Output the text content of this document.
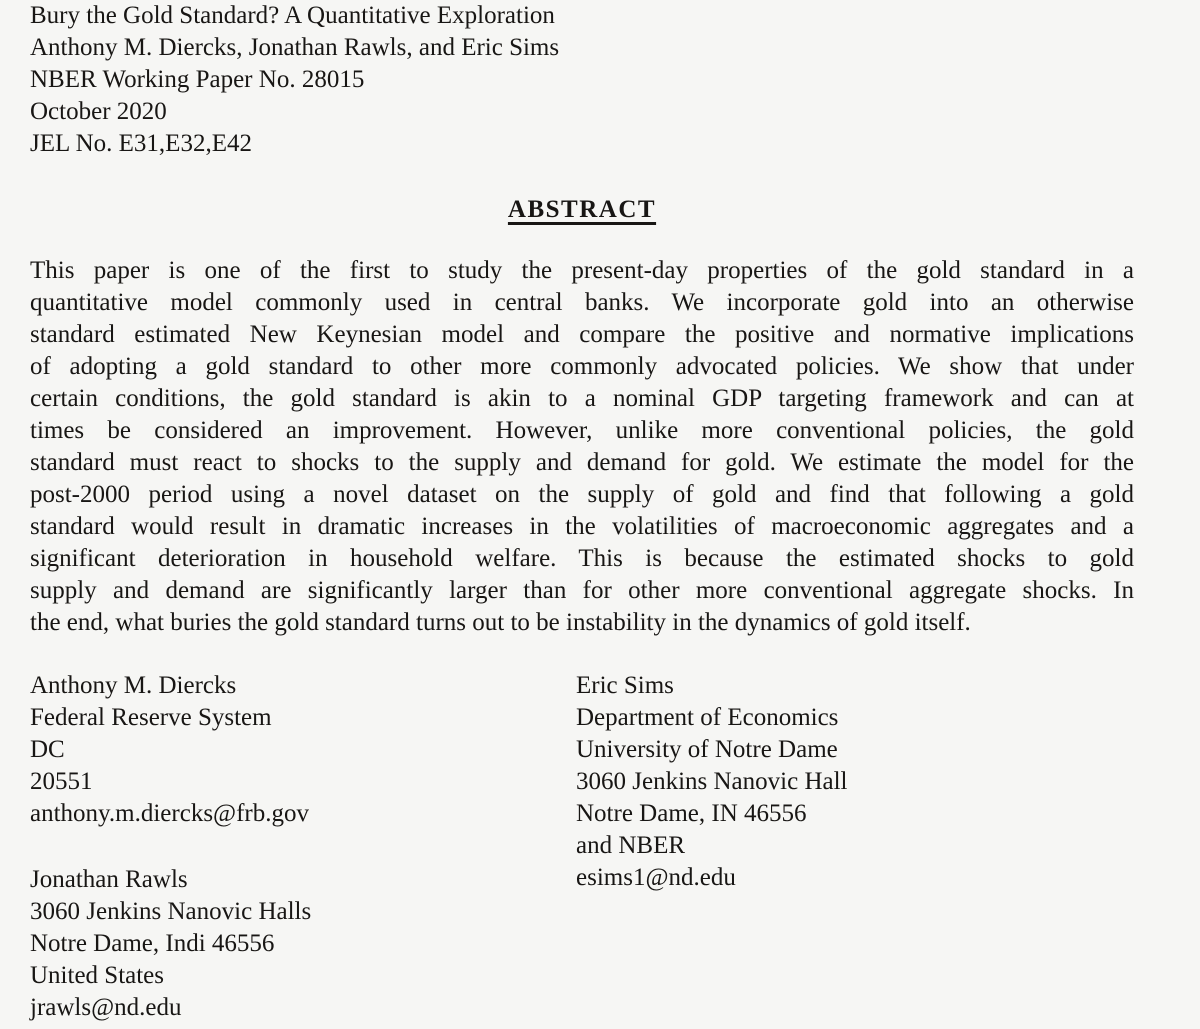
Bury the Gold Standard? A Quantitative Exploration
Anthony M. Diercks, Jonathan Rawls, and Eric Sims
NBER Working Paper No. 28015
October 2020
JEL No. E31,E32,E42
ABSTRACT
This paper is one of the first to study the present-day properties of the gold standard in a
quantitative model commonly used in central banks. We incorporate gold into an otherwise
standard estimated New Keynesian model and compare the positive and normative implications
of adopting a gold standard to other more commonly advocated policies. We show that under
certain conditions, the gold standard is akin to a nominal GDP targeting framework and can at
times be considered an improvement. However, unlike more conventional policies, the gold
standard must react to shocks to the supply and demand for gold. We estimate the model for the
post-2000 period using a novel dataset on the supply of gold and find that following a gold
standard would result in dramatic increases in the volatilities of macroeconomic aggregates and a
significant deterioration in household welfare. This is because the estimated shocks to gold
supply and demand are significantly larger than for other more conventional aggregate shocks. In
the end, what buries the gold standard turns out to be instability in the dynamics of gold itself.
Anthony M. Diercks
Federal Reserve System
DC
20551
anthony.m.diercks@frb.gov
Jonathan Rawls
3060 Jenkins Nanovic Halls
Notre Dame, Indi 46556
United States
jrawls@nd.edu
Eric Sims
Department of Economics
University of Notre Dame
3060 Jenkins Nanovic Hall
Notre Dame, IN 46556
and NBER
esims1@nd.edu
